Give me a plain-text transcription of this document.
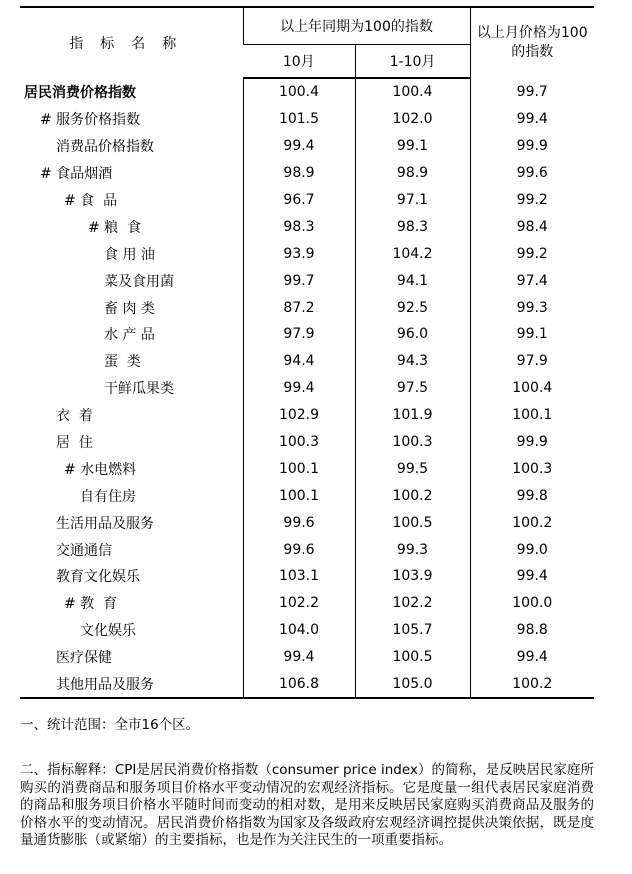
指标名称	以上年同期为100的指数		以上月价格为100的指数
	10月	1-10月	
居民消费价格指数	100.4	100.4	99.7
# 服务价格指数	101.5	102.0	99.4
消费品价格指数	99.4	99.1	99.9
# 食品烟酒	98.9	98.9	99.6
# 食  品	96.7	97.1	99.2
# 粮  食	98.3	98.3	98.4
食 用 油	93.9	104.2	99.2
菜及食用菌	99.7	94.1	97.4
畜 肉 类	87.2	92.5	99.3
水 产 品	97.9	96.0	99.1
蛋  类	94.4	94.3	97.9
干鲜瓜果类	99.4	97.5	100.4
衣  着	102.9	101.9	100.1
居  住	100.3	100.3	99.9
# 水电燃料	100.1	99.5	100.3
自有住房	100.1	100.2	99.8
生活用品及服务	99.6	100.5	100.2
交通通信	99.6	99.3	99.0
教育文化娱乐	103.1	103.9	99.4
# 教  育	102.2	102.2	100.0
文化娱乐	104.0	105.7	98.8
医疗保健	99.4	100.5	99.4
其他用品及服务	106.8	105.0	100.2

一、统计范围：全市16个区。

二、指标解释：CPI是居民消费价格指数（consumer price index）的简称，是反映居民家庭所购买的消费商品和服务项目价格水平变动情况的宏观经济指标。它是度量一组代表居民家庭消费的商品和服务项目价格水平随时间而变动的相对数，是用来反映居民家庭购买消费商品及服务的价格水平的变动情况。居民消费价格指数为国家及各级政府宏观经济调控提供决策依据，既是度量通货膨胀（或紧缩）的主要指标，也是作为关注民生的一项重要指标。
